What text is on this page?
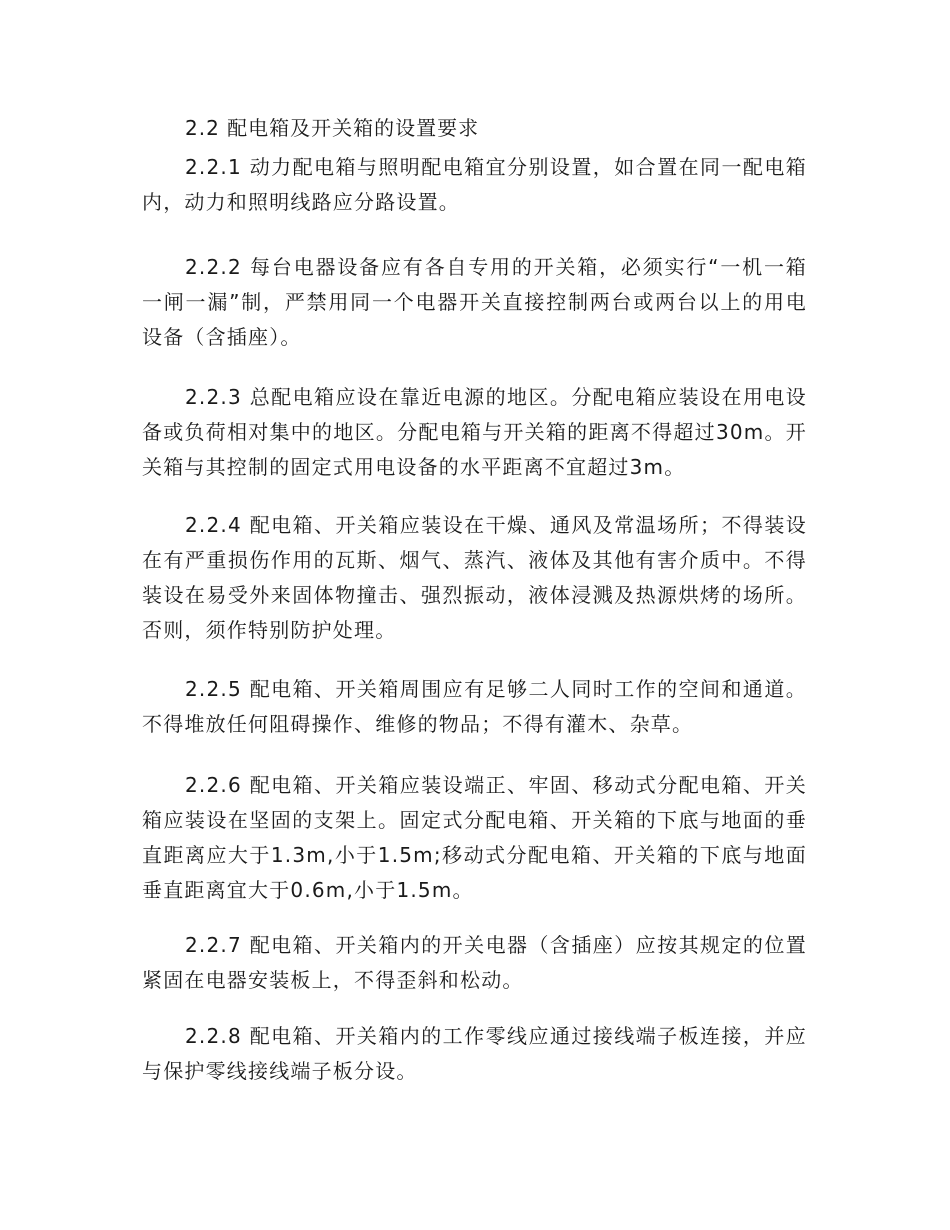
2.2 配电箱及开关箱的设置要求

2.2.1 动力配电箱与照明配电箱宜分别设置，如合置在同一配电箱内，动力和照明线路应分路设置。

2.2.2 每台电器设备应有各自专用的开关箱，必须实行“一机一箱一闸一漏”制，严禁用同一个电器开关直接控制两台或两台以上的用电设备（含插座）。

2.2.3 总配电箱应设在靠近电源的地区。分配电箱应装设在用电设备或负荷相对集中的地区。分配电箱与开关箱的距离不得超过30m。开关箱与其控制的固定式用电设备的水平距离不宜超过3m。

2.2.4 配电箱、开关箱应装设在干燥、通风及常温场所；不得装设在有严重损伤作用的瓦斯、烟气、蒸汽、液体及其他有害介质中。不得装设在易受外来固体物撞击、强烈振动，液体浸溅及热源烘烤的场所。否则，须作特别防护处理。

2.2.5 配电箱、开关箱周围应有足够二人同时工作的空间和通道。不得堆放任何阻碍操作、维修的物品；不得有灌木、杂草。

2.2.6 配电箱、开关箱应装设端正、牢固、移动式分配电箱、开关箱应装设在坚固的支架上。固定式分配电箱、开关箱的下底与地面的垂直距离应大于1.3m,小于1.5m;移动式分配电箱、开关箱的下底与地面垂直距离宜大于0.6m,小于1.5m。

2.2.7 配电箱、开关箱内的开关电器（含插座）应按其规定的位置紧固在电器安装板上，不得歪斜和松动。

2.2.8 配电箱、开关箱内的工作零线应通过接线端子板连接，并应与保护零线接线端子板分设。
